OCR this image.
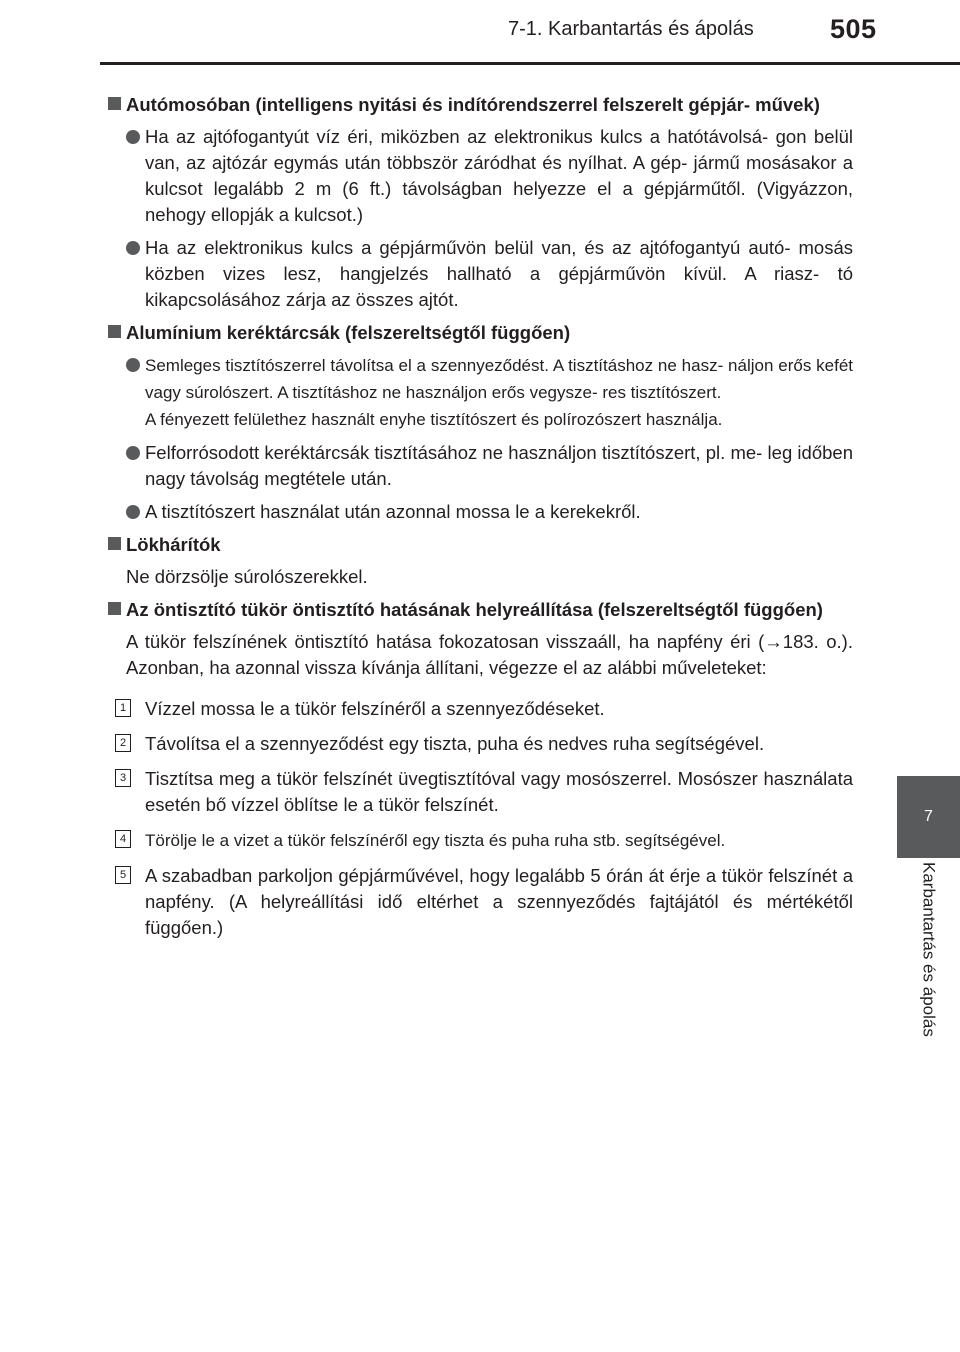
7-1. Karbantartás és ápolás	505
7
Karbantartás és ápolás
Autómosóban (intelligens nyitási és indítórendszerrel felszerelt gépjár- művek)
Ha az ajtófogantyút víz éri, miközben az elektronikus kulcs a hatótávolsá- gon belül van, az ajtózár egymás után többször záródhat és nyílhat. A gép- jármű mosásakor a kulcsot legalább 2 m (6 ft.) távolságban helyezze el a gépjárműtől. (Vigyázzon, nehogy ellopják a kulcsot.)
Ha az elektronikus kulcs a gépjárművön belül van, és az ajtófogantyú autó- mosás közben vizes lesz, hangjelzés hallható a gépjárművön kívül. A riasz- tó kikapcsolásához zárja az összes ajtót.
Alumínium keréktárcsák (felszereltségtől függően)
Semleges tisztítószerrel távolítsa el a szennyeződést. A tisztításhoz ne hasz- náljon erős kefét vagy súrolószert. A tisztításhoz ne használjon erős vegysze- res tisztítószert.
A fényezett felülethez használt enyhe tisztítószert és polírozószert használja.
Felforrósodott keréktárcsák tisztításához ne használjon tisztítószert, pl. me- leg időben nagy távolság megtétele után.
A tisztítószert használat után azonnal mossa le a kerekekről.
Lökhárítók
Ne dörzsölje súrolószerekkel.
Az öntisztító tükör öntisztító hatásának helyreállítása (felszereltségtől függően)
A tükör felszínének öntisztító hatása fokozatosan visszaáll, ha napfény éri (→183. o.). Azonban, ha azonnal vissza kívánja állítani, végezze el az alábbi műveleteket:
1 Vízzel mossa le a tükör felszínéről a szennyeződéseket.
2 Távolítsa el a szennyeződést egy tiszta, puha és nedves ruha segítségével.
3 Tisztítsa meg a tükör felszínét üvegtisztítóval vagy mosószerrel. Mosószer használata esetén bő vízzel öblítse le a tükör felszínét.
4 Törölje le a vizet a tükör felszínéről egy tiszta és puha ruha stb. segítségével.
5 A szabadban parkoljon gépjárművével, hogy legalább 5 órán át érje a tükör felszínét a napfény. (A helyreállítási idő eltérhet a szennyeződés fajtájától és mértékétől függően.)
